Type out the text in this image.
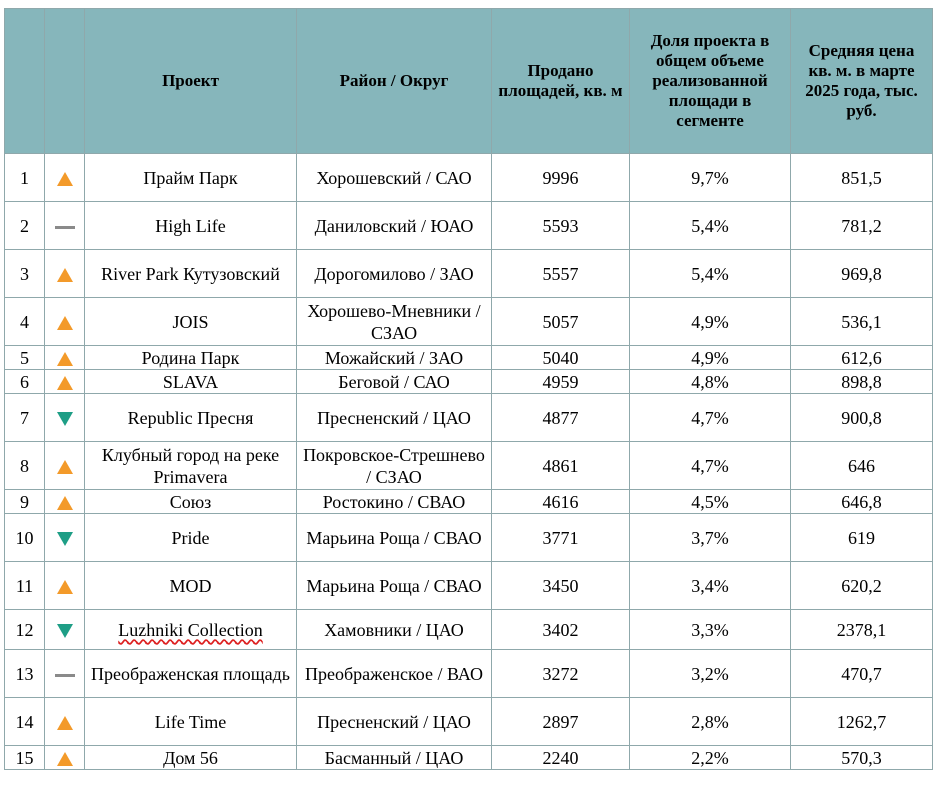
		Проект	Район / Округ	Продано площадей, кв. м	Доля проекта в общем объеме реализованной площади в сегменте	Средняя цена кв. м. в марте 2025 года, тыс. руб.
1		Прайм Парк	Хорошевский / САО	9996	9,7%	851,5
2		High Life	Даниловский / ЮАО	5593	5,4%	781,2
3		River Park Кутузовский	Дорогомилово / ЗАО	5557	5,4%	969,8
4		JOIS	Хорошево-Мневники / СЗАО	5057	4,9%	536,1
5		Родина Парк	Можайский / ЗАО	5040	4,9%	612,6
6		SLAVA	Беговой / САО	4959	4,8%	898,8
7		Republic Пресня	Пресненский / ЦАО	4877	4,7%	900,8
8		Клубный город на реке Primavera	Покровское-Стрешнево / СЗАО	4861	4,7%	646
9		Союз	Ростокино / СВАО	4616	4,5%	646,8
10		Pride	Марьина Роща / СВАО	3771	3,7%	619
11		MOD	Марьина Роща / СВАО	3450	3,4%	620,2
12		Luzhniki Collection	Хамовники / ЦАО	3402	3,3%	2378,1
13		Преображенская площадь	Преображенское / ВАО	3272	3,2%	470,7
14		Life Time	Пресненский / ЦАО	2897	2,8%	1262,7
15		Дом 56	Басманный / ЦАО	2240	2,2%	570,3
